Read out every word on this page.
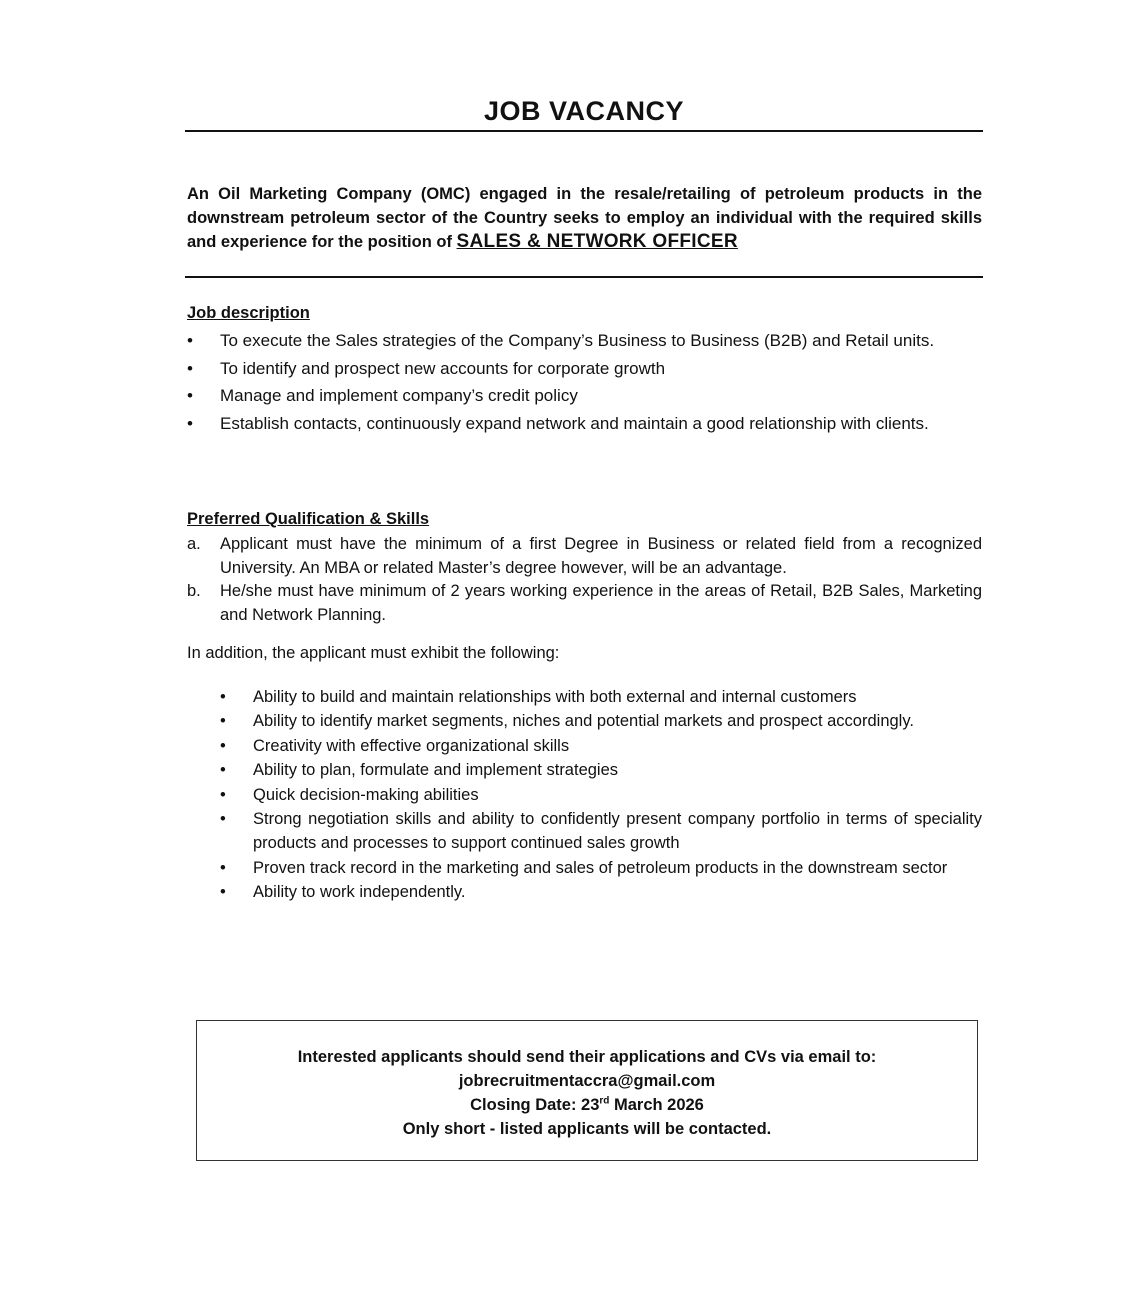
JOB VACANCY
An Oil Marketing Company (OMC) engaged in the resale/retailing of petroleum products in the downstream petroleum sector of the Country seeks to employ an individual with the required skills and experience for the position of SALES & NETWORK OFFICER
Job description
• To execute the Sales strategies of the Company’s Business to Business (B2B) and Retail units.
• To identify and prospect new accounts for corporate growth
• Manage and implement company’s credit policy
• Establish contacts, continuously expand network and maintain a good relationship with clients.
Preferred Qualification & Skills
a. Applicant must have the minimum of a first Degree in Business or related field from a recognized University. An MBA or related Master’s degree however, will be an advantage.
b. He/she must have minimum of 2 years working experience in the areas of Retail, B2B Sales, Marketing and Network Planning.
In addition, the applicant must exhibit the following:
• Ability to build and maintain relationships with both external and internal customers
• Ability to identify market segments, niches and potential markets and prospect accordingly.
• Creativity with effective organizational skills
• Ability to plan, formulate and implement strategies
• Quick decision-making abilities
• Strong negotiation skills and ability to confidently present company portfolio in terms of speciality products and processes to support continued sales growth
• Proven track record in the marketing and sales of petroleum products in the downstream sector
• Ability to work independently.
Interested applicants should send their applications and CVs via email to:
jobrecruitmentaccra@gmail.com
Closing Date: 23rd March 2026
Only short - listed applicants will be contacted.
